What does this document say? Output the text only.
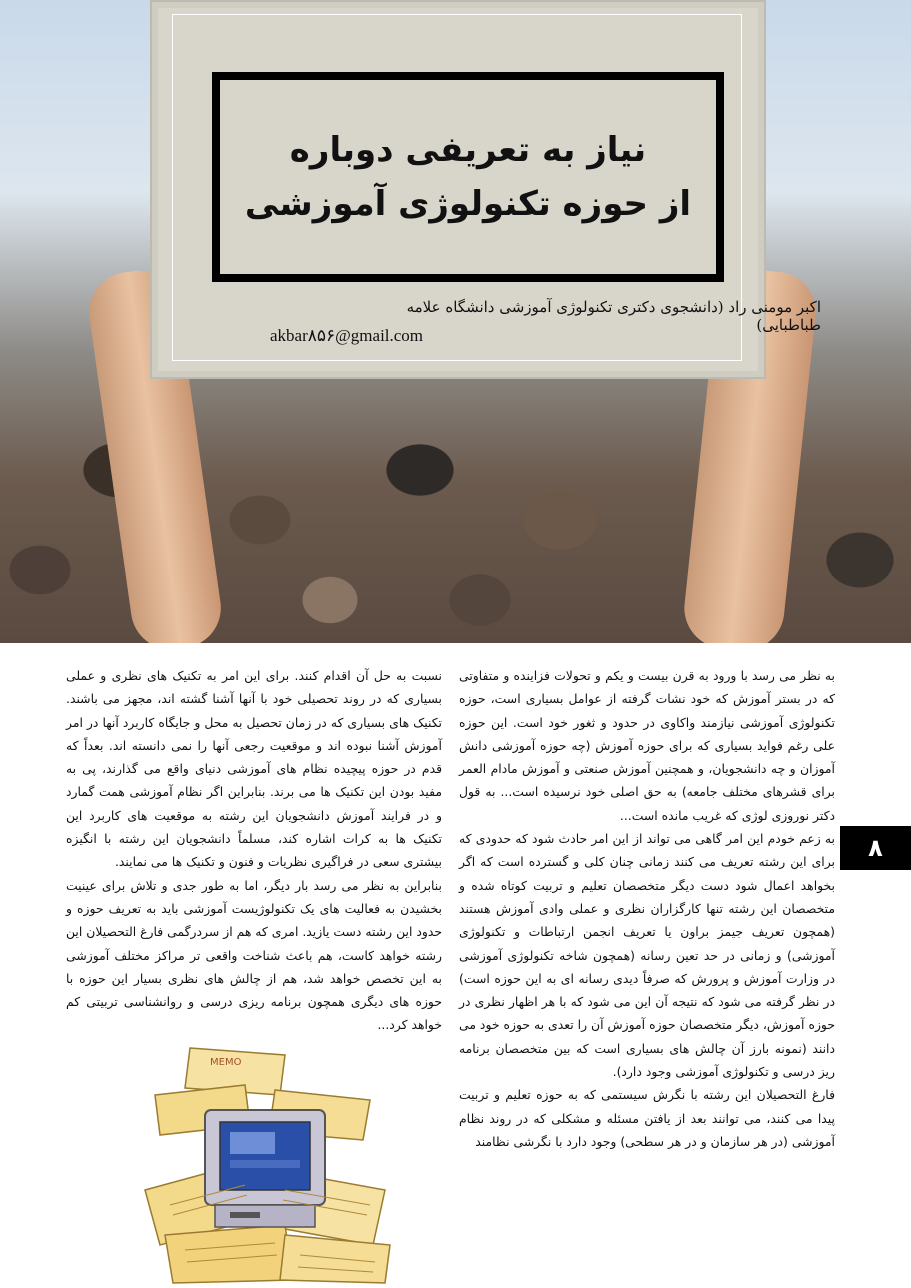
نیاز به تعریفی دوباره
از حوزه تکنولوژی آموزشی
اکبر مومنی راد (دانشجوی دکتری تکنولوژی آموزشی دانشگاه علامه طباطبایی)
akbar۸۵۶@gmail.com

به نظر می رسد با ورود به قرن بیست و یکم و تحولات فزاینده و متفاوتی که در بستر آموزش که خود نشات گرفته از عوامل بسیاری است، حوزه تکنولوژی آموزشی نیازمند واکاوی در حدود و ثغور خود است. این حوزه علی رغم فواید بسیاری که برای حوزه آموزش (چه حوزه آموزشی دانش آموزان و چه دانشجویان، و همچنین آموزش صنعتی و آموزش مادام العمر برای قشرهای مختلف جامعه) به حق اصلی خود نرسیده است... به قول دکتر نوروزی لوژی که غریب مانده است...

به زعم خودم این امر گاهی می تواند از این امر حادث شود که حدودی که برای این رشته تعریف می کنند زمانی چنان کلی و گسترده است که اگر بخواهد اعمال شود دست دیگر متخصصان تعلیم و تربیت کوتاه شده و متخصصان این رشته تنها کارگزاران نظری و عملی وادی آموزش هستند (همچون تعریف جیمز براون یا تعریف انجمن ارتباطات و تکنولوژی آموزشی) و زمانی در حد تعین رسانه (همچون شاخه تکنولوژی آموزشی در وزارت آموزش و پرورش که صرفاً دیدی رسانه ای به این حوزه است) در نظر گرفته می شود که نتیجه آن این می شود که با هر اظهار نظری در حوزه آموزش، دیگر متخصصان حوزه آموزش آن را تعدی به حوزه خود می دانند (نمونه بارز آن چالش های بسیاری است که بین متخصصان برنامه ریز درسی و تکنولوژی آموزشی وجود دارد).

فارغ التحصیلان این رشته با نگرش سیستمی که به حوزه تعلیم و تربیت پیدا می کنند، می توانند بعد از یافتن مسئله و مشکلی که در روند نظام آموزشی (در هر سازمان و در هر سطحی) وجود دارد با نگرشی نظامند

نسبت به حل آن اقدام کنند. برای این امر به تکنیک های نظری و عملی بسیاری که در روند تحصیلی خود با آنها آشنا گشته اند، مجهز می باشند. تکنیک های بسیاری که در زمان تحصیل به محل و جایگاه کاربرد آنها در امر آموزش آشنا نبوده اند و موقعیت رجعی آنها را نمی دانسته اند. بعداً که قدم در حوزه پیچیده نظام های آموزشی دنیای واقع می گذارند، پی به مفید بودن این تکنیک ها می برند. بنابراین اگر نظام آموزشی همت گمارد و در فرایند آموزش دانشجویان این رشته به موقعیت های کاربرد این تکنیک ها به کرات اشاره کند، مسلماً دانشجویان این رشته با انگیزه بیشتری سعی در فراگیری نظریات و فنون و تکنیک ها می نمایند.

بنابراین به نظر می رسد بار دیگر، اما به طور جدی و تلاش برای عینیت بخشیدن به فعالیت های یک تکنولوژیست آموزشی باید به تعریف حوزه و حدود این رشته دست یازید. امری که هم از سردرگمی فارغ التحصیلان این رشته خواهد کاست، هم باعث شناخت واقعی تر مراکز مختلف آموزشی به این تخصص خواهد شد، هم از چالش های نظری بسیار این حوزه با حوزه های دیگری همچون برنامه ریزی درسی و روانشناسی تربیتی کم خواهد کرد...

۸
MEMO
